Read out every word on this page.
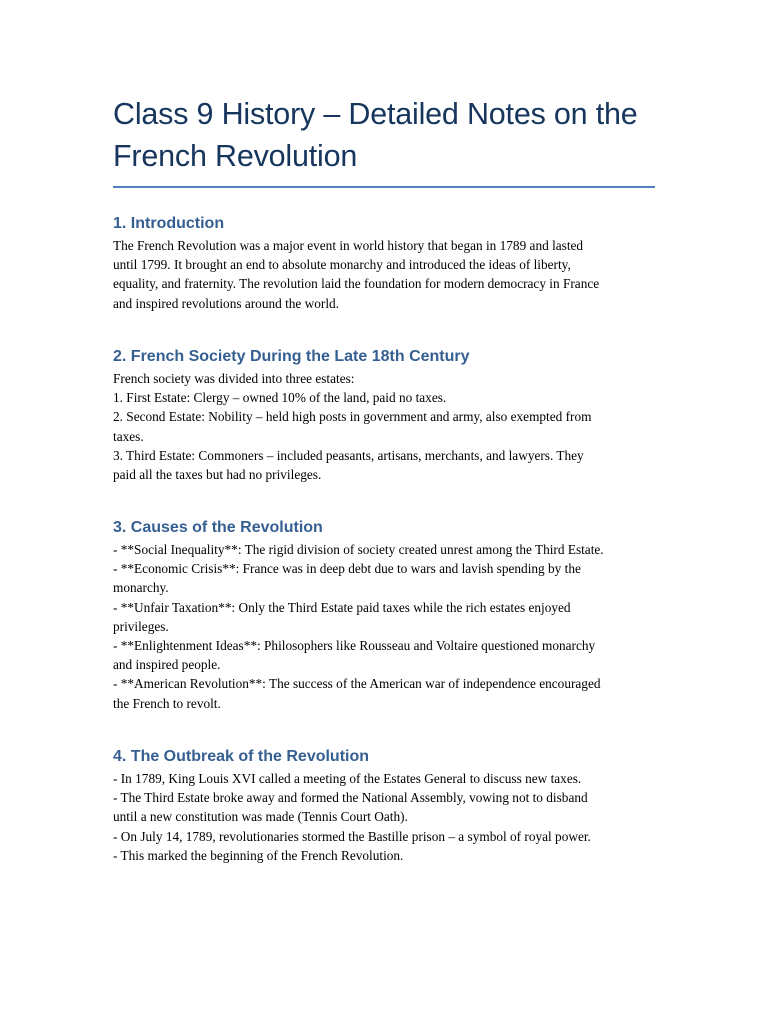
Class 9 History – Detailed Notes on the
French Revolution
1. Introduction

The French Revolution was a major event in world history that began in 1789 and lasted
until 1799. It brought an end to absolute monarchy and introduced the ideas of liberty,
equality, and fraternity. The revolution laid the foundation for modern democracy in France
and inspired revolutions around the world.

2. French Society During the Late 18th Century

French society was divided into three estates:
1. First Estate: Clergy – owned 10% of the land, paid no taxes.
2. Second Estate: Nobility – held high posts in government and army, also exempted from
taxes.
3. Third Estate: Commoners – included peasants, artisans, merchants, and lawyers. They
paid all the taxes but had no privileges.

3. Causes of the Revolution

- **Social Inequality**: The rigid division of society created unrest among the Third Estate.
- **Economic Crisis**: France was in deep debt due to wars and lavish spending by the
monarchy.
- **Unfair Taxation**: Only the Third Estate paid taxes while the rich estates enjoyed
privileges.
- **Enlightenment Ideas**: Philosophers like Rousseau and Voltaire questioned monarchy
and inspired people.
- **American Revolution**: The success of the American war of independence encouraged
the French to revolt.

4. The Outbreak of the Revolution

- In 1789, King Louis XVI called a meeting of the Estates General to discuss new taxes.
- The Third Estate broke away and formed the National Assembly, vowing not to disband
until a new constitution was made (Tennis Court Oath).
- On July 14, 1789, revolutionaries stormed the Bastille prison – a symbol of royal power.
- This marked the beginning of the French Revolution.
